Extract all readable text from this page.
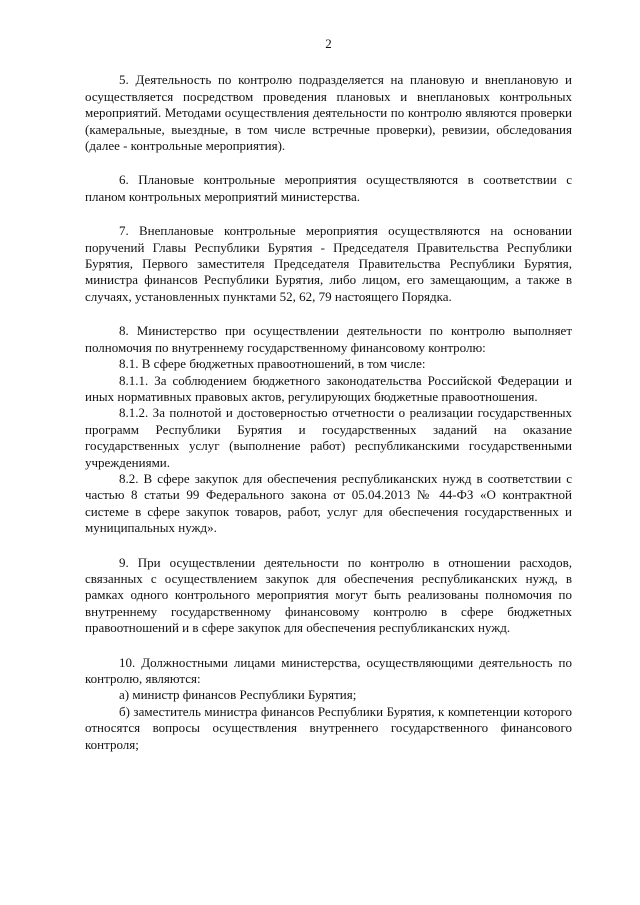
2

5. Деятельность по контролю подразделяется на плановую и внеплановую и осуществляется посредством проведения плановых и внеплановых контрольных мероприятий. Методами осуществления деятельности по контролю являются проверки (камеральные, выездные, в том числе встречные проверки), ревизии, обследования (далее - контрольные мероприятия).

6. Плановые контрольные мероприятия осуществляются в соответствии с планом контрольных мероприятий министерства.

7. Внеплановые контрольные мероприятия осуществляются на основании поручений Главы Республики Бурятия - Председателя Правительства Республики Бурятия, Первого заместителя Председателя Правительства Республики Бурятия, министра финансов Республики Бурятия, либо лицом, его замещающим, а также в случаях, установленных пунктами 52, 62, 79 настоящего Порядка.

8. Министерство при осуществлении деятельности по контролю выполняет полномочия по внутреннему государственному финансовому контролю:

8.1. В сфере бюджетных правоотношений, в том числе:

8.1.1. За соблюдением бюджетного законодательства Российской Федерации и иных нормативных правовых актов, регулирующих бюджетные правоотношения.

8.1.2. За полнотой и достоверностью отчетности о реализации государственных программ Республики Бурятия и государственных заданий на оказание государственных услуг (выполнение работ) республиканскими государственными учреждениями.

8.2. В сфере закупок для обеспечения республиканских нужд в соответствии с частью 8 статьи 99 Федерального закона от 05.04.2013 № 44-ФЗ «О контрактной системе в сфере закупок товаров, работ, услуг для обеспечения государственных и муниципальных нужд».

9. При осуществлении деятельности по контролю в отношении расходов, связанных с осуществлением закупок для обеспечения республиканских нужд, в рамках одного контрольного мероприятия могут быть реализованы полномочия по внутреннему государственному финансовому контролю в сфере бюджетных правоотношений и в сфере закупок для обеспечения республиканских нужд.

10. Должностными лицами министерства, осуществляющими деятельность по контролю, являются:

а) министр финансов Республики Бурятия;

б) заместитель министра финансов Республики Бурятия, к компетенции которого относятся вопросы осуществления внутреннего государственного финансового контроля;
